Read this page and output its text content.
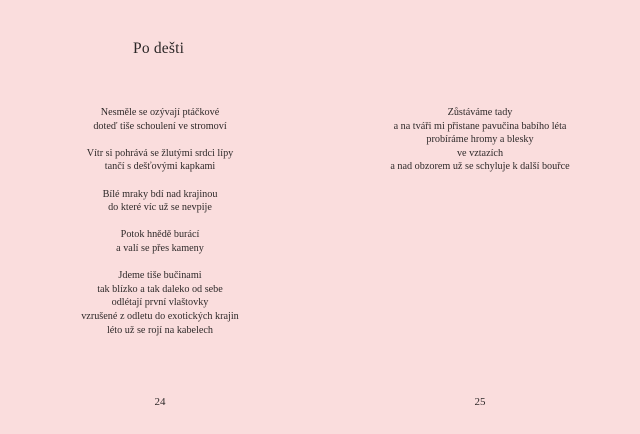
Po dešti
Nesměle se ozývají ptáčkové
doteď tiše schoulení ve stromoví
Vítr si pohrává se žlutými srdci lípy
tančí s dešťovými kapkami
Bílé mraky bdí nad krajinou
do které víc už se nevpije
Potok hnědě burácí
a valí se přes kameny
Jdeme tiše bučinami
tak blízko a tak daleko od sebe
odlétají první vlaštovky
vzrušené z odletu do exotických krajin
léto už se rojí na kabelech
24
Zůstáváme tady
a na tváři mi přistane pavučina babího léta
probíráme hromy a blesky
ve vztazích
a nad obzorem už se schyluje k další bouřce
25
